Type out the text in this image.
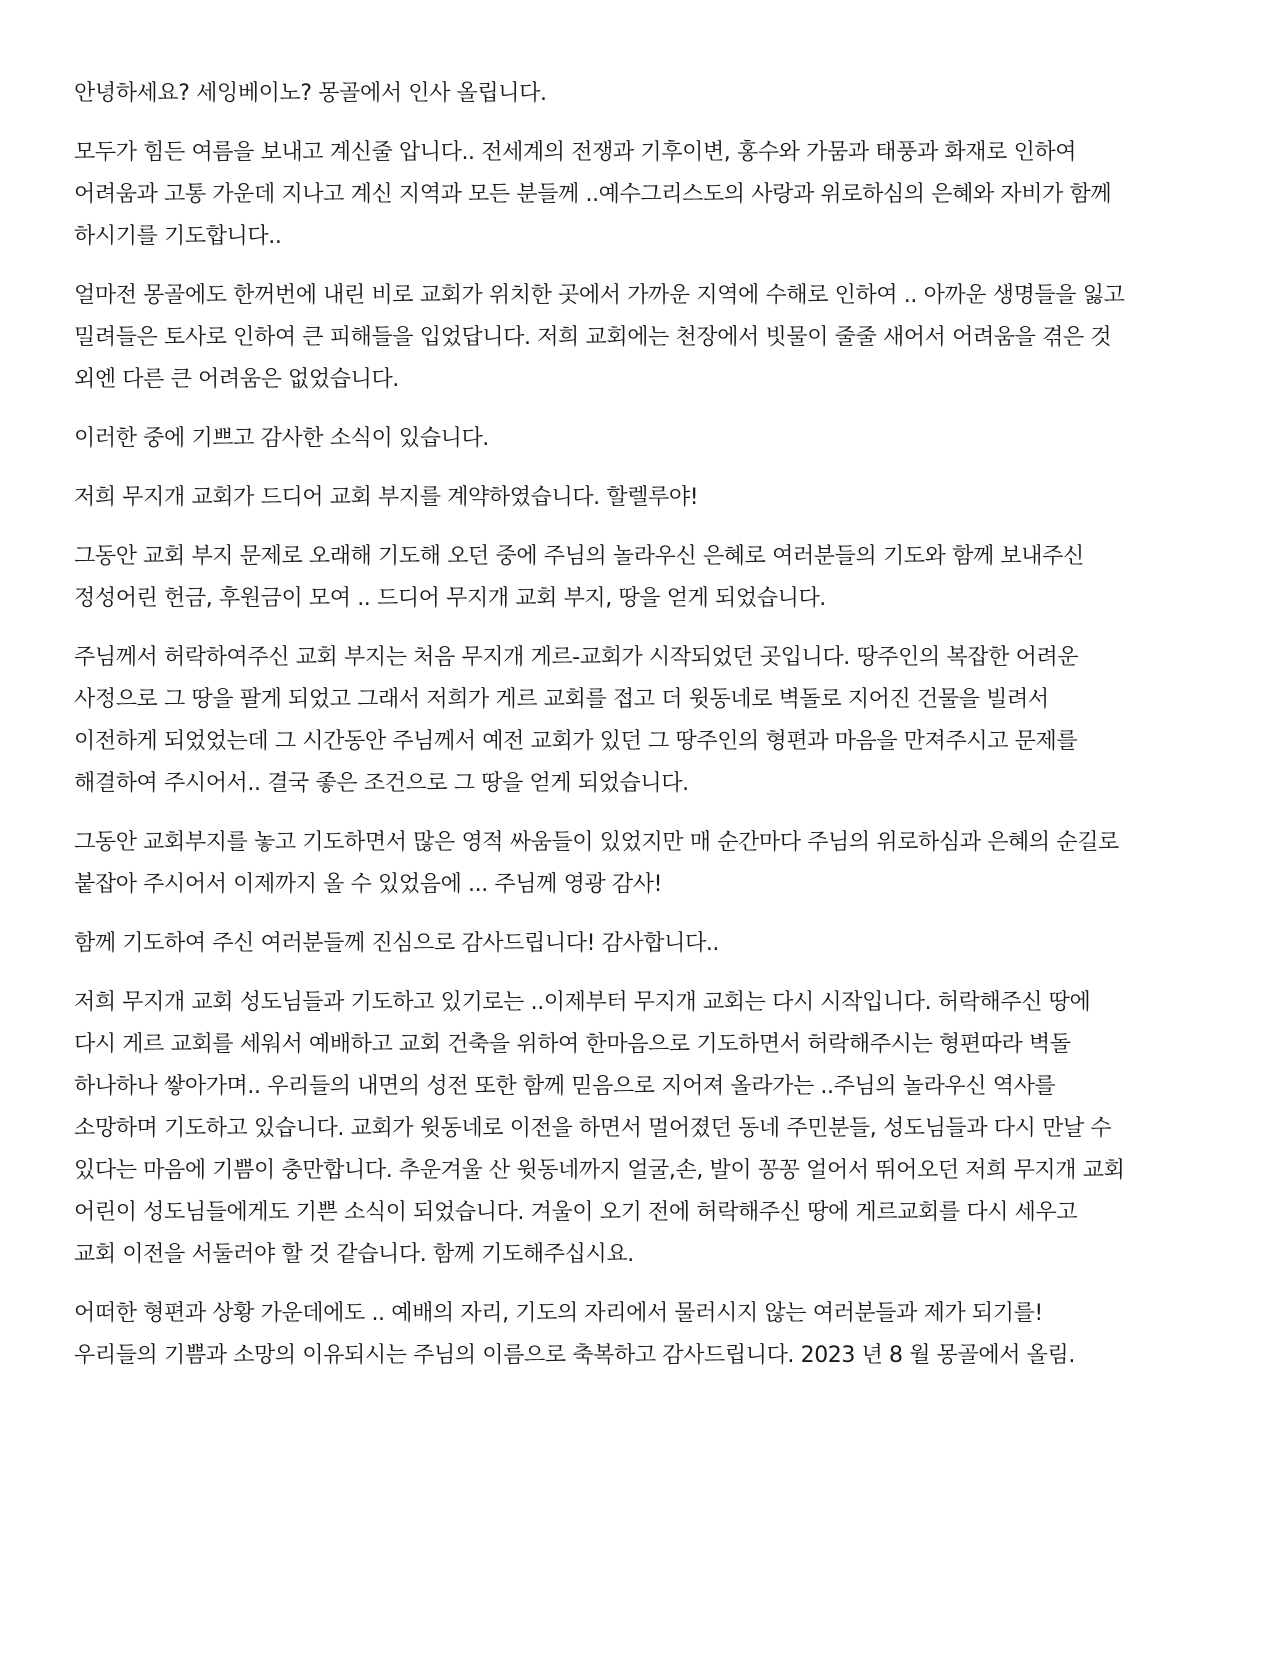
안녕하세요? 세잉베이노? 몽골에서 인사 올립니다.
모두가 힘든 여름을 보내고 계신줄 압니다.. 전세계의 전쟁과 기후이변, 홍수와 가뭄과 태풍과 화재로 인하여
어려움과 고통 가운데 지나고 계신 지역과 모든 분들께 ..예수그리스도의 사랑과 위로하심의 은혜와 자비가 함께
하시기를 기도합니다..
얼마전 몽골에도 한꺼번에 내린 비로 교회가 위치한 곳에서 가까운 지역에 수해로 인하여 .. 아까운 생명들을 잃고
밀려들은 토사로 인하여 큰 피해들을 입었답니다. 저희 교회에는 천장에서 빗물이 줄줄 새어서 어려움을 겪은 것
외엔 다른 큰 어려움은 없었습니다.
이러한 중에 기쁘고 감사한 소식이 있습니다.
저희 무지개 교회가 드디어 교회 부지를 계약하였습니다. 할렐루야!
그동안 교회 부지 문제로 오래해 기도해 오던 중에 주님의 놀라우신 은혜로 여러분들의 기도와 함께 보내주신
정성어린 헌금, 후원금이 모여 .. 드디어 무지개 교회 부지, 땅을 얻게 되었습니다.
주님께서 허락하여주신 교회 부지는 처음 무지개 게르-교회가 시작되었던 곳입니다. 땅주인의 복잡한 어려운
사정으로 그 땅을 팔게 되었고 그래서 저희가 게르 교회를 접고 더 윗동네로 벽돌로 지어진 건물을 빌려서
이전하게 되었었는데 그 시간동안 주님께서 예전 교회가 있던 그 땅주인의 형편과 마음을 만져주시고 문제를
해결하여 주시어서.. 결국 좋은 조건으로 그 땅을 얻게 되었습니다.
그동안 교회부지를 놓고 기도하면서 많은 영적 싸움들이 있었지만 매 순간마다 주님의 위로하심과 은혜의 순길로
붙잡아 주시어서 이제까지 올 수 있었음에 ... 주님께 영광 감사!
함께 기도하여 주신 여러분들께 진심으로 감사드립니다! 감사합니다..
저희 무지개 교회 성도님들과 기도하고 있기로는 ..이제부터 무지개 교회는 다시 시작입니다. 허락해주신 땅에
다시 게르 교회를 세워서 예배하고 교회 건축을 위하여 한마음으로 기도하면서 허락해주시는 형편따라 벽돌
하나하나 쌓아가며.. 우리들의 내면의 성전 또한 함께 믿음으로 지어져 올라가는 ..주님의 놀라우신 역사를
소망하며 기도하고 있습니다. 교회가 윗동네로 이전을 하면서 멀어졌던 동네 주민분들, 성도님들과 다시 만날 수
있다는 마음에 기쁨이 충만합니다. 추운겨울 산 윗동네까지 얼굴,손, 발이 꽁꽁 얼어서 뛰어오던 저희 무지개 교회
어린이 성도님들에게도 기쁜 소식이 되었습니다. 겨울이 오기 전에 허락해주신 땅에 게르교회를 다시 세우고
교회 이전을 서둘러야 할 것 같습니다. 함께 기도해주십시요.
어떠한 형편과 상황 가운데에도 .. 예배의 자리, 기도의 자리에서 물러시지 않는 여러분들과 제가 되기를!
우리들의 기쁨과 소망의 이유되시는 주님의 이름으로 축복하고 감사드립니다. 2023 년 8 월 몽골에서 올림.
